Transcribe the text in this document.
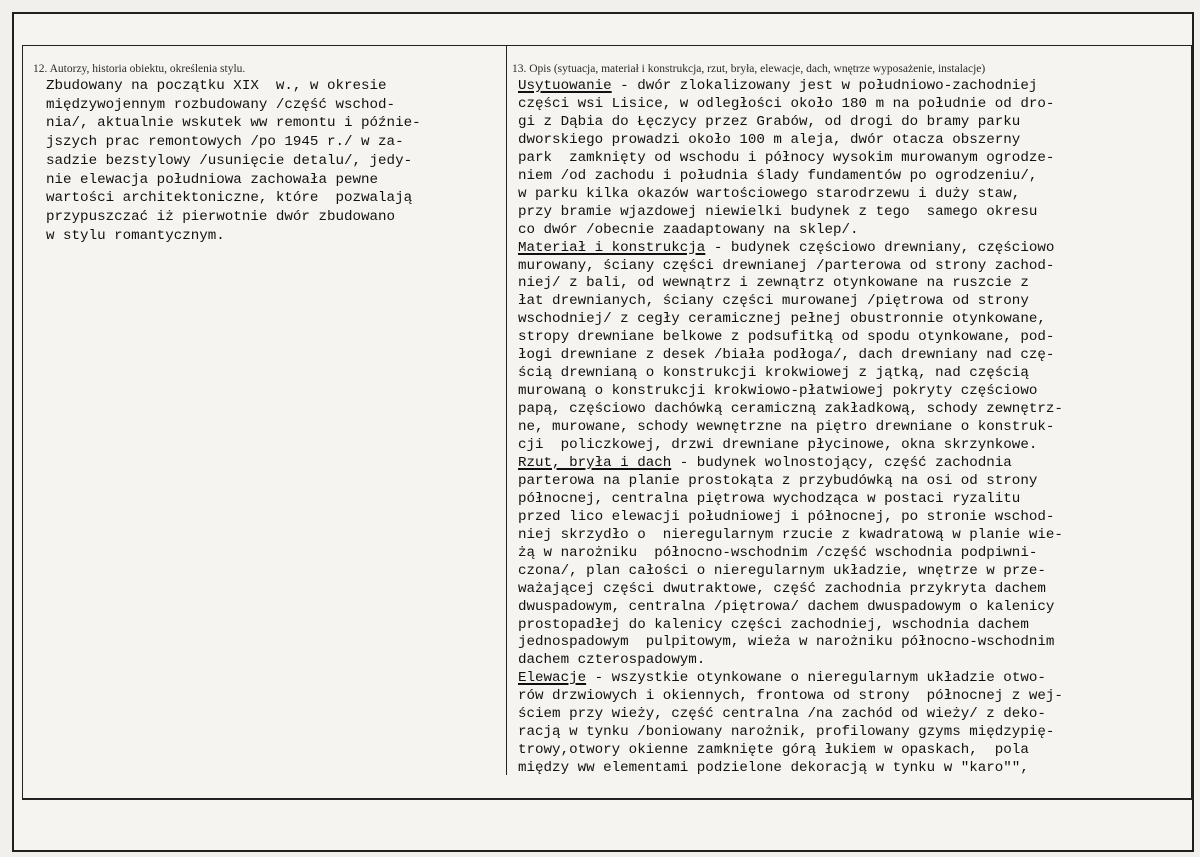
12. Autorzy, historia obiektu, określenia stylu.	13. Opis (sytuacja, materiał i konstrukcja, rzut, bryła, elewacje, dach, wnętrze wyposażenie, instalacje)
Zbudowany na początku XIX  w., w okresie
międzywojennym rozbudowany /część wschod-
nia/, aktualnie wskutek ww remontu i późnie-
jszych prac remontowych /po 1945 r./ w za-
sadzie bezstylowy /usunięcie detalu/, jedy-
nie elewacja południowa zachowała pewne
wartości architektoniczne, które  pozwalają
przypuszczać iż pierwotnie dwór zbudowano
w stylu romantycznym.
Usytuowanie - dwór zlokalizowany jest w południowo-zachodniej
części wsi Lisice, w odległości około 180 m na południe od dro-
gi z Dąbia do Łęczycy przez Grabów, od drogi do bramy parku
dworskiego prowadzi około 100 m aleja, dwór otacza obszerny
park  zamknięty od wschodu i północy wysokim murowanym ogrodze-
niem /od zachodu i południa ślady fundamentów po ogrodzeniu/,
w parku kilka okazów wartościowego starodrzewu i duży staw,
przy bramie wjazdowej niewielki budynek z tego  samego okresu
co dwór /obecnie zaadaptowany na sklep/.
Materiał i konstrukcja - budynek częściowo drewniany, częściowo
murowany, ściany części drewnianej /parterowa od strony zachod-
niej/ z bali, od wewnątrz i zewnątrz otynkowane na ruszcie z
łat drewnianych, ściany części murowanej /piętrowa od strony
wschodniej/ z cegły ceramicznej pełnej obustronnie otynkowane,
stropy drewniane belkowe z podsufitką od spodu otynkowane, pod-
łogi drewniane z desek /biała podłoga/, dach drewniany nad czę-
ścią drewnianą o konstrukcji krokwiowej z jątką, nad częścią
murowaną o konstrukcji krokwiowo-płatwiowej pokryty częściowo
papą, częściowo dachówką ceramiczną zakładkową, schody zewnętrz-
ne, murowane, schody wewnętrzne na piętro drewniane o konstruk-
cji  policzkowej, drzwi drewniane płycinowe, okna skrzynkowe.
Rzut, bryła i dach - budynek wolnostojący, część zachodnia
parterowa na planie prostokąta z przybudówką na osi od strony
północnej, centralna piętrowa wychodząca w postaci ryzalitu
przed lico elewacji południowej i północnej, po stronie wschod-
niej skrzydło o  nieregularnym rzucie z kwadratową w planie wie-
żą w narożniku  północno-wschodnim /część wschodnia podpiwni-
czona/, plan całości o nieregularnym układzie, wnętrze w prze-
ważającej części dwutraktowe, część zachodnia przykryta dachem
dwuspadowym, centralna /piętrowa/ dachem dwuspadowym o kalenicy
prostopadłej do kalenicy części zachodniej, wschodnia dachem
jednospadowym  pulpitowym, wieża w narożniku północno-wschodnim
dachem czterospadowym.
Elewacje - wszystkie otynkowane o nieregularnym układzie otwo-
rów drzwiowych i okiennych, frontowa od strony  północnej z wej-
ściem przy wieży, część centralna /na zachód od wieży/ z deko-
racją w tynku /boniowany narożnik, profilowany gzyms międzypię-
trowy,otwory okienne zamknięte górą łukiem w opaskach,  pola
między ww elementami podzielone dekoracją w tynku w "karo"",
